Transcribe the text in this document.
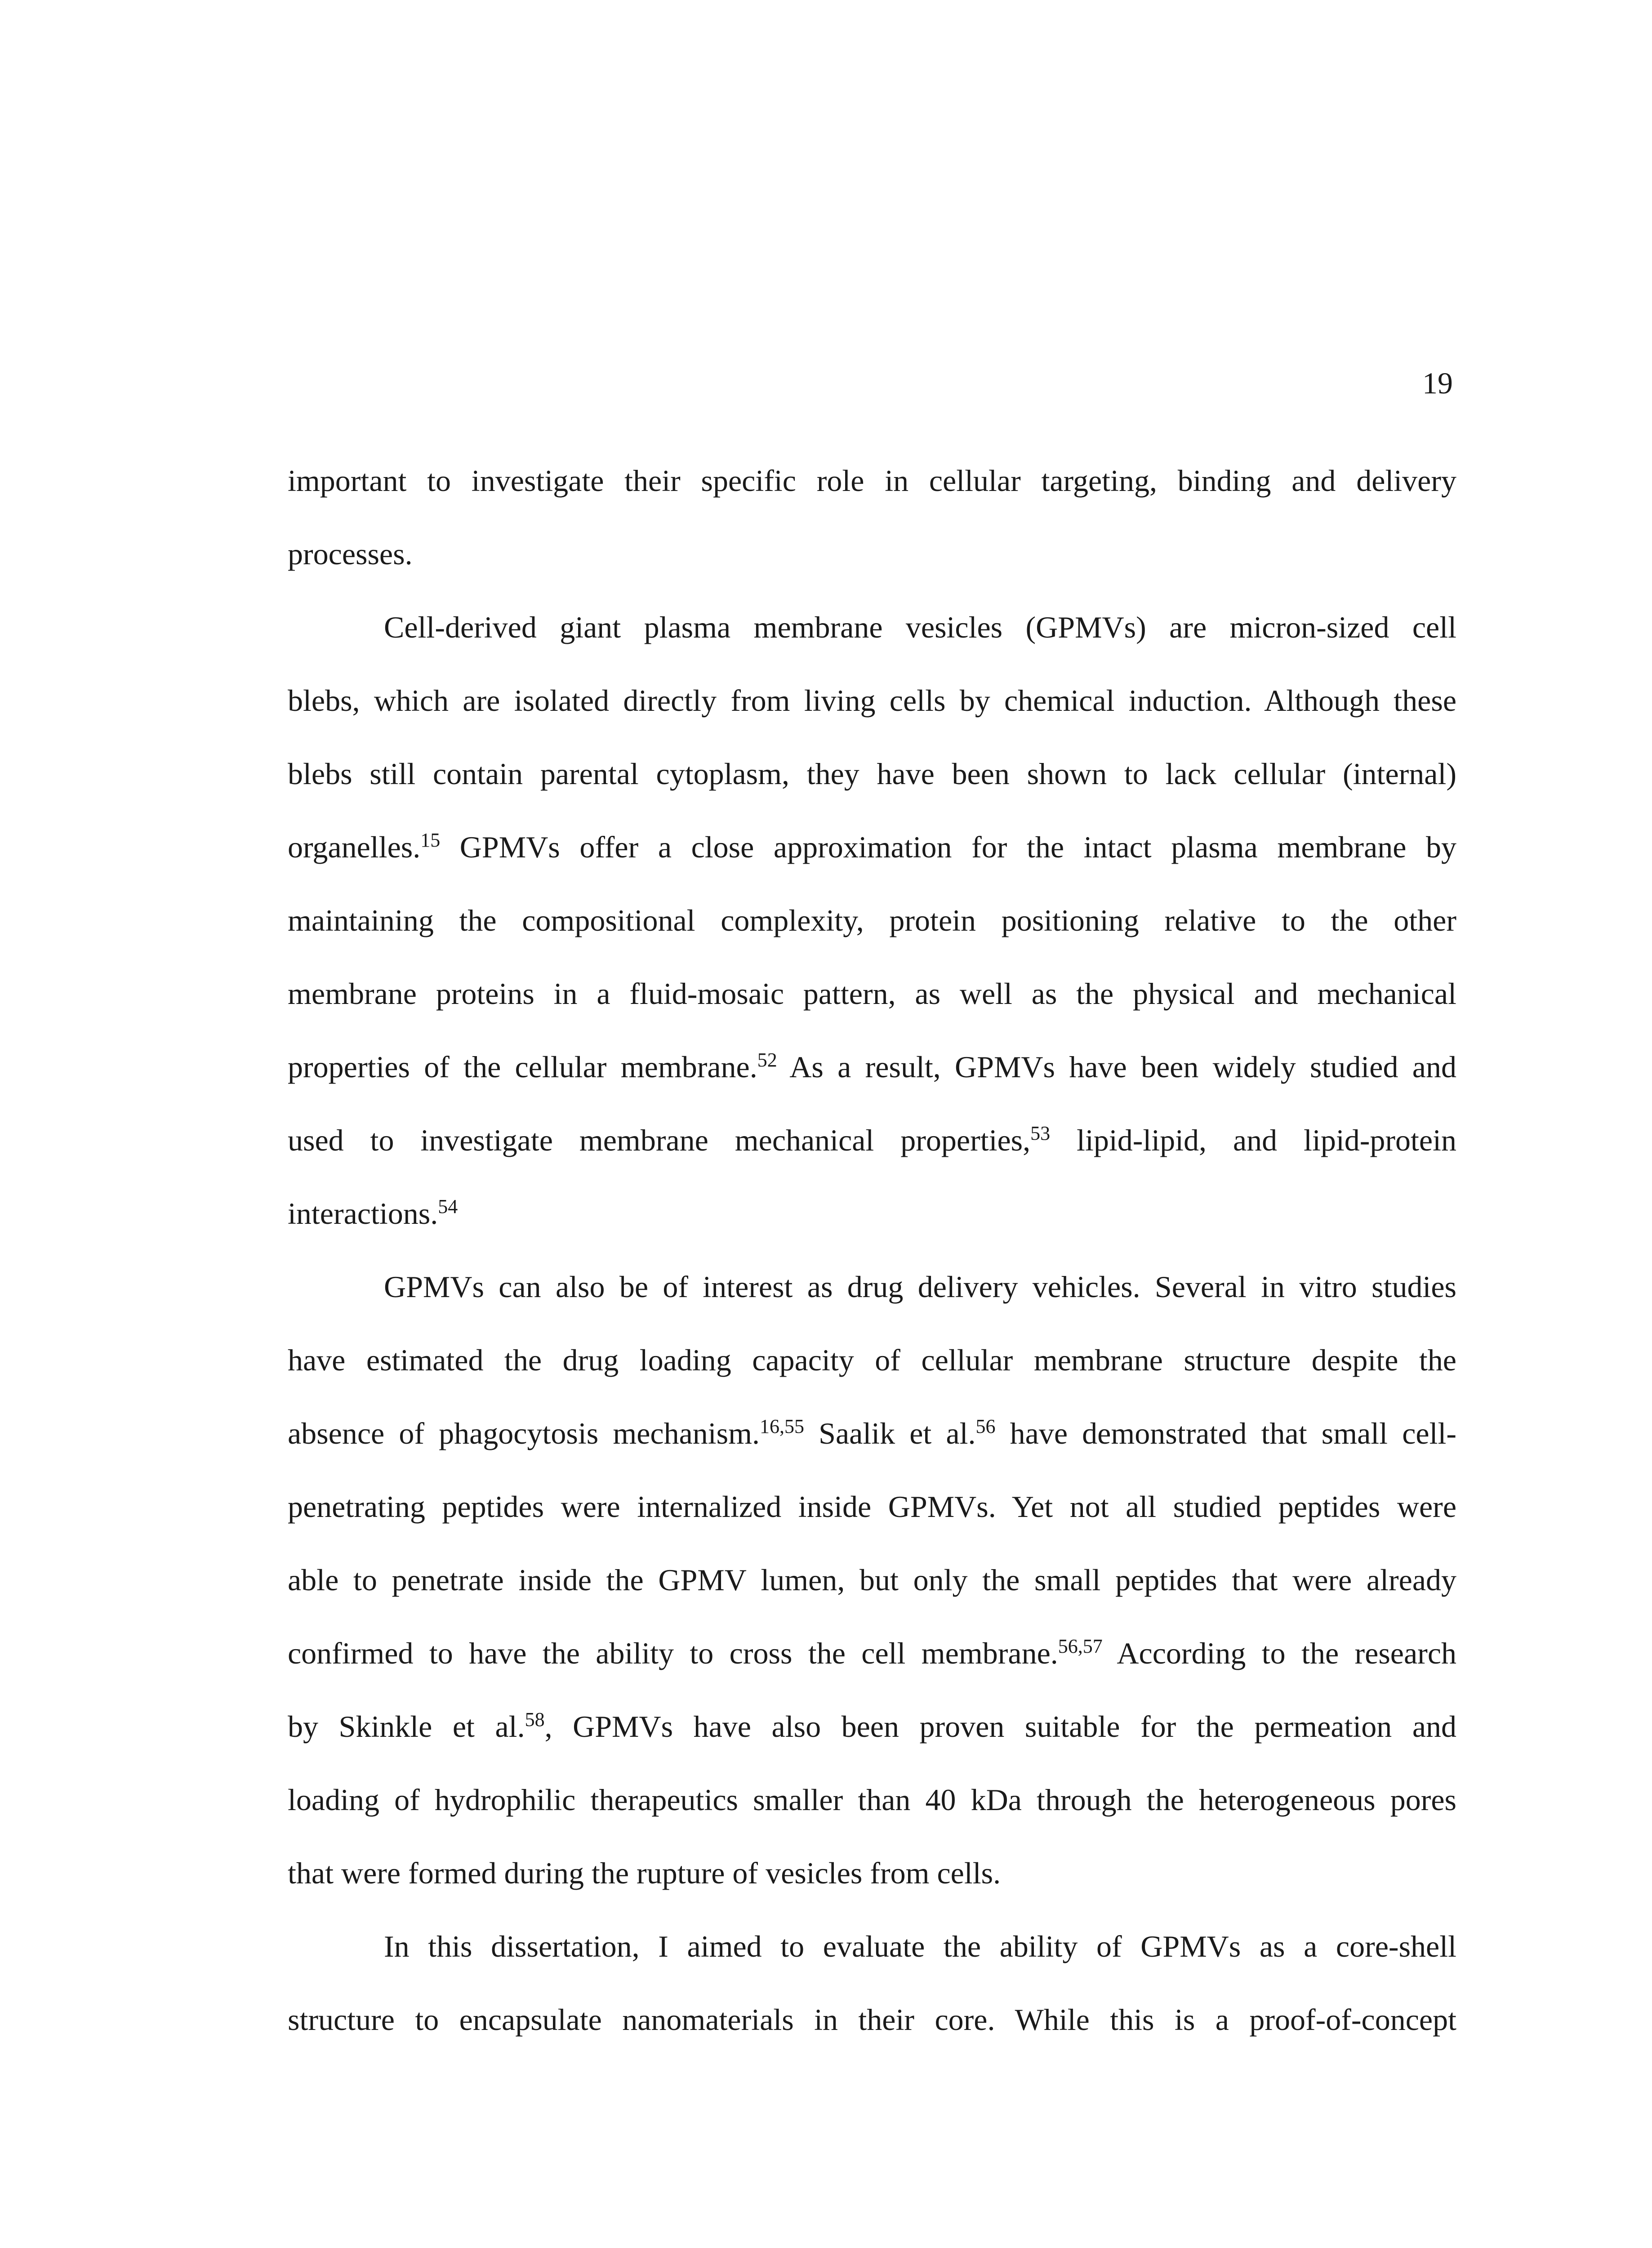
19
important to investigate their specific role in cellular targeting, binding and delivery
processes.
Cell-derived giant plasma membrane vesicles (GPMVs) are micron-sized cell
blebs, which are isolated directly from living cells by chemical induction. Although these
blebs still contain parental cytoplasm, they have been shown to lack cellular (internal)
organelles.$^{15}$ GPMVs offer a close approximation for the intact plasma membrane by
maintaining the compositional complexity, protein positioning relative to the other
membrane proteins in a fluid-mosaic pattern, as well as the physical and mechanical
properties of the cellular membrane.$^{52}$ As a result, GPMVs have been widely studied and
used to investigate membrane mechanical properties,$^{53}$ lipid-lipid, and lipid-protein
interactions.$^{54}$
GPMVs can also be of interest as drug delivery vehicles. Several in vitro studies
have estimated the drug loading capacity of cellular membrane structure despite the
absence of phagocytosis mechanism.$^{16,55}$ Saalik et al.$^{56}$ have demonstrated that small cell-
penetrating peptides were internalized inside GPMVs. Yet not all studied peptides were
able to penetrate inside the GPMV lumen, but only the small peptides that were already
confirmed to have the ability to cross the cell membrane.$^{56,57}$ According to the research
by Skinkle et al.$^{58}$, GPMVs have also been proven suitable for the permeation and
loading of hydrophilic therapeutics smaller than 40 kDa through the heterogeneous pores
that were formed during the rupture of vesicles from cells.
In this dissertation, I aimed to evaluate the ability of GPMVs as a core-shell
structure to encapsulate nanomaterials in their core. While this is a proof-of-concept
